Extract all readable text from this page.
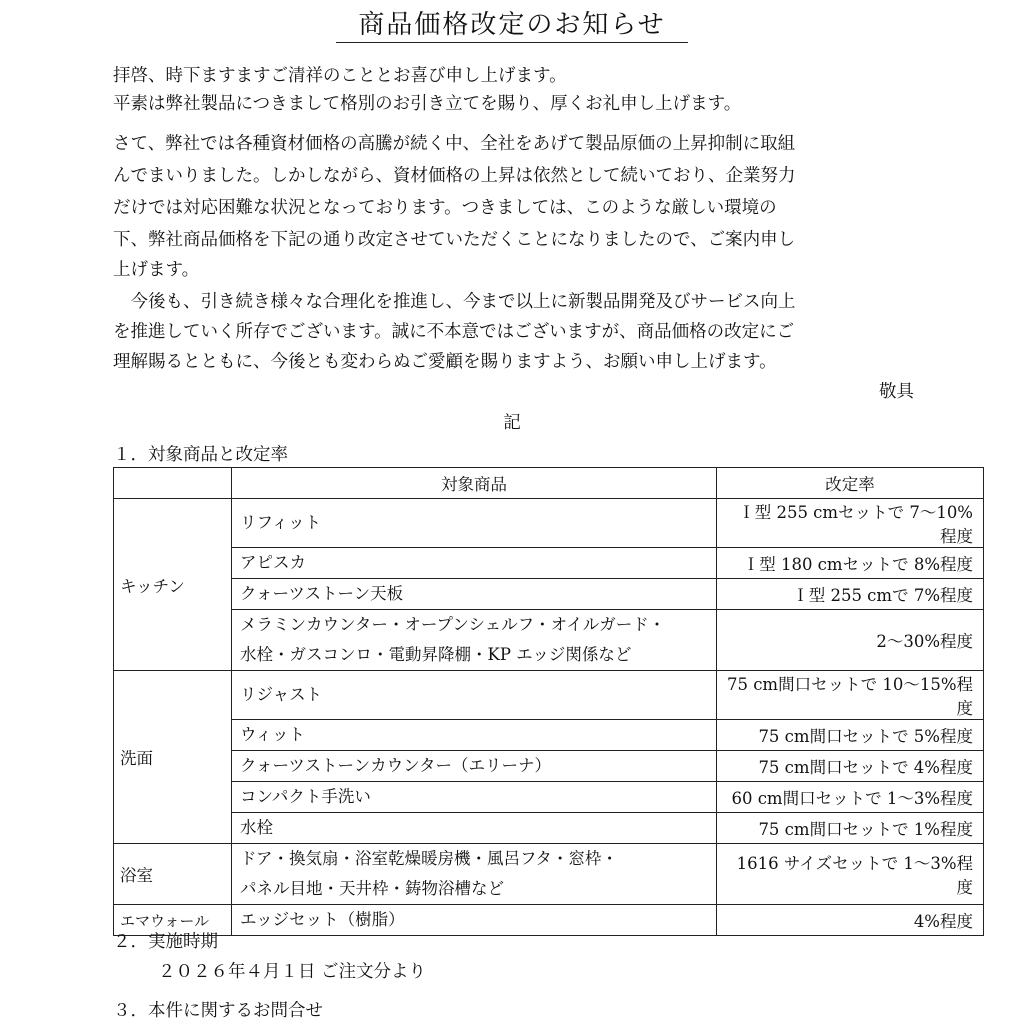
商品価格改定のお知らせ
拝啓、時下ますますご清祥のこととお喜び申し上げます。
平素は弊社製品につきまして格別のお引き立てを賜り、厚くお礼申し上げます。
さて、弊社では各種資材価格の高騰が続く中、全社をあげて製品原価の上昇抑制に取組
んでまいりました。しかしながら、資材価格の上昇は依然として続いており、企業努力
だけでは対応困難な状況となっております。つきましては、このような厳しい環境の
下、弊社商品価格を下記の通り改定させていただくことになりましたので、ご案内申し
上げます。
　今後も、引き続き様々な合理化を推進し、今まで以上に新製品開発及びサービス向上
を推進していく所存でございます。誠に不本意ではございますが、商品価格の改定にご
理解賜るとともに、今後とも変わらぬご愛顧を賜りますよう、お願い申し上げます。
敬具
記
１．対象商品と改定率
	対象商品	改定率
キッチン	リフィット	Ｉ型 255 cmセットで 7～10%程度
	アピスカ	Ｉ型 180 cmセットで 8%程度
	クォーツストーン天板	Ｉ型 255 cmで 7%程度

	メラミンカウンター・オープンシェルフ・オイルガード・
水栓・ガスコンロ・電動昇降棚・KP エッジ関係など	2～30%程度
洗面	リジャスト	75 cm間口セットで 10～15%程度
	ウィット	75 cm間口セットで 5%程度
	クォーツストーンカウンター（エリーナ）	75 cm間口セットで 4%程度
	コンパクト手洗い	60 cm間口セットで 1～3%程度
	水栓	75 cm間口セットで 1%程度
浴室	ドア・換気扇・浴室乾燥暖房機・風呂フタ・窓枠・
パネル目地・天井枠・鋳物浴槽など	1616 サイズセットで 1～3%程度
エマウォール	エッジセット（樹脂）	4%程度
２．実施時期
２０２６年４月１日 ご注文分より
３．本件に関するお問合せ
